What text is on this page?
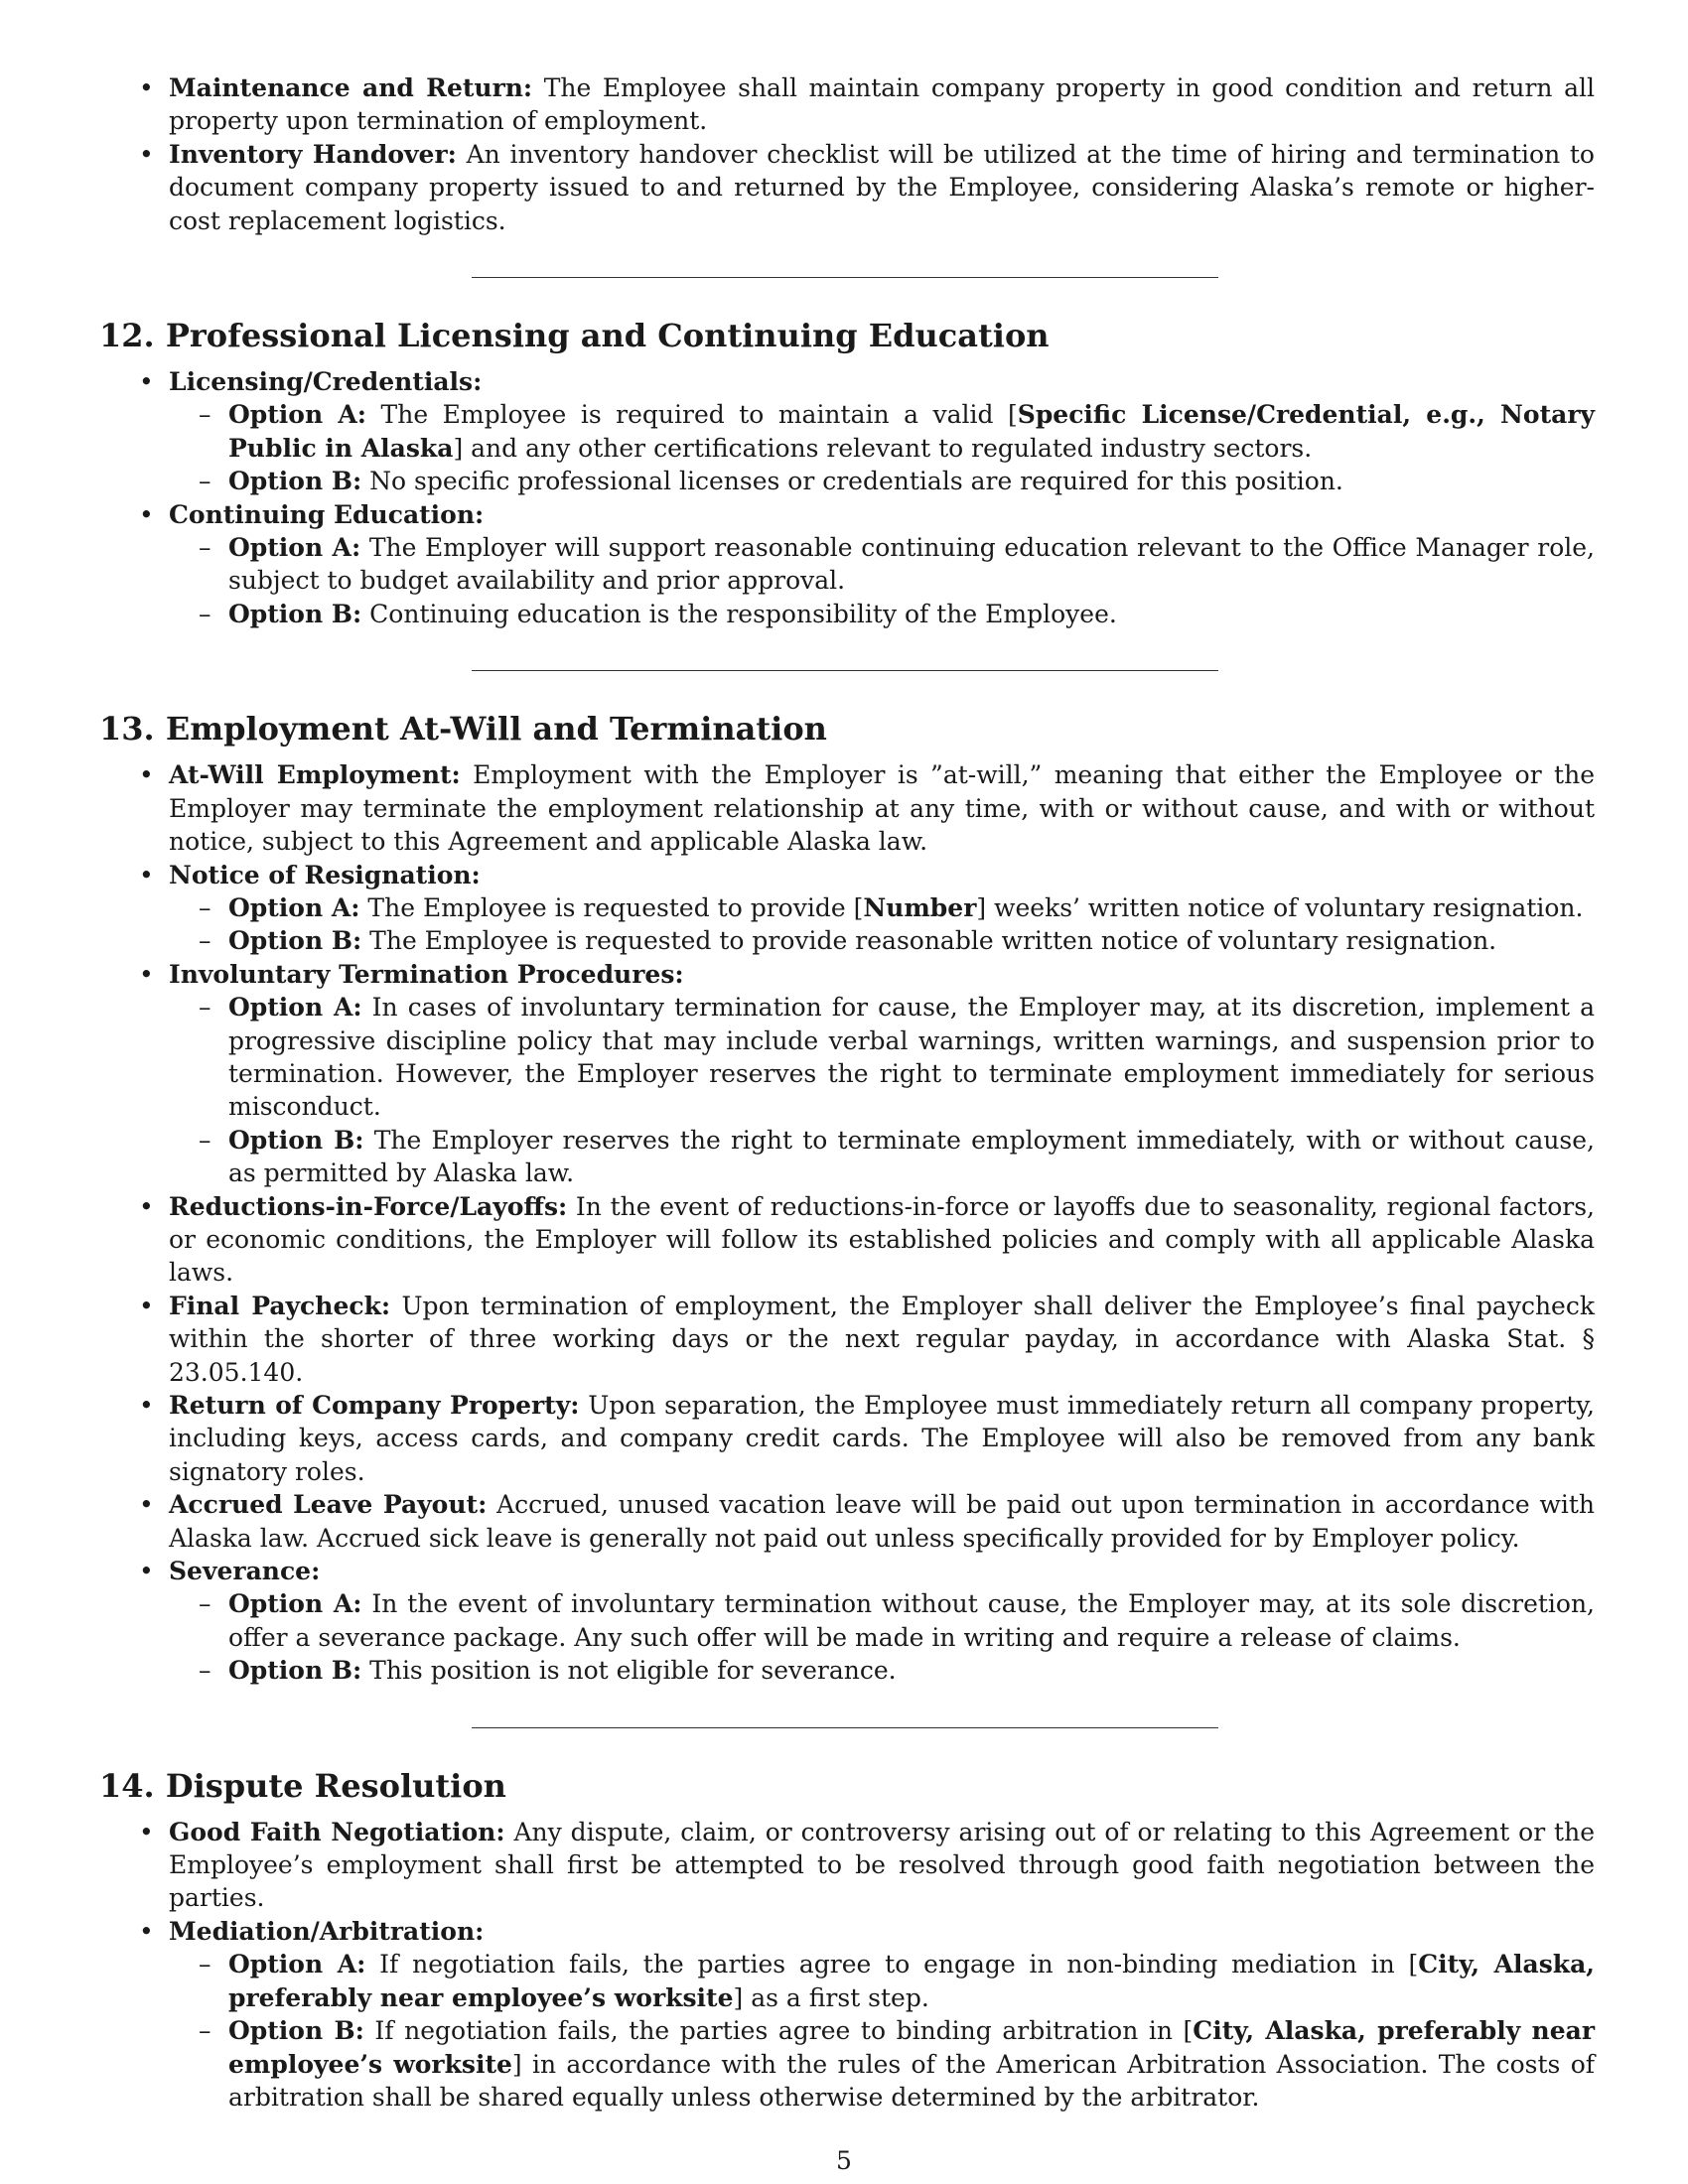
• Maintenance and Return: The Employee shall maintain company property in good condition and return all property upon termination of employment.
• Inventory Handover: An inventory handover checklist will be utilized at the time of hiring and termination to document company property issued to and returned by the Employee, considering Alaska’s remote or higher-cost replacement logistics.
12. Professional Licensing and Continuing Education
• Licensing/Credentials:
– Option A: The Employee is required to maintain a valid [Specific License/Credential, e.g., Notary Public in Alaska] and any other certifications relevant to regulated industry sectors.
– Option B: No specific professional licenses or credentials are required for this position.
• Continuing Education:
– Option A: The Employer will support reasonable continuing education relevant to the Office Manager role, subject to budget availability and prior approval.
– Option B: Continuing education is the responsibility of the Employee.
13. Employment At-Will and Termination
• At-Will Employment: Employment with the Employer is ”at-will,” meaning that either the Employee or the Employer may terminate the employment relationship at any time, with or without cause, and with or without notice, subject to this Agreement and applicable Alaska law.
• Notice of Resignation:
– Option A: The Employee is requested to provide [Number] weeks’ written notice of voluntary resignation.
– Option B: The Employee is requested to provide reasonable written notice of voluntary resignation.
• Involuntary Termination Procedures:
– Option A: In cases of involuntary termination for cause, the Employer may, at its discretion, implement a progressive discipline policy that may include verbal warnings, written warnings, and suspension prior to termination. However, the Employer reserves the right to terminate employment immediately for serious misconduct.
– Option B: The Employer reserves the right to terminate employment immediately, with or without cause, as permitted by Alaska law.
• Reductions-in-Force/Layoffs: In the event of reductions-in-force or layoffs due to seasonality, regional factors, or economic conditions, the Employer will follow its established policies and comply with all applicable Alaska laws.
• Final Paycheck: Upon termination of employment, the Employer shall deliver the Employee’s final paycheck within the shorter of three working days or the next regular payday, in accordance with Alaska Stat. § 23.05.140.
• Return of Company Property: Upon separation, the Employee must immediately return all company property, including keys, access cards, and company credit cards. The Employee will also be removed from any bank signatory roles.
• Accrued Leave Payout: Accrued, unused vacation leave will be paid out upon termination in accordance with Alaska law. Accrued sick leave is generally not paid out unless specifically provided for by Employer policy.
• Severance:
– Option A: In the event of involuntary termination without cause, the Employer may, at its sole discretion, offer a severance package. Any such offer will be made in writing and require a release of claims.
– Option B: This position is not eligible for severance.
14. Dispute Resolution
• Good Faith Negotiation: Any dispute, claim, or controversy arising out of or relating to this Agreement or the Employee’s employment shall first be attempted to be resolved through good faith negotiation between the parties.
• Mediation/Arbitration:
– Option A: If negotiation fails, the parties agree to engage in non-binding mediation in [City, Alaska, preferably near employee’s worksite] as a first step.
– Option B: If negotiation fails, the parties agree to binding arbitration in [City, Alaska, preferably near employee’s worksite] in accordance with the rules of the American Arbitration Association. The costs of arbitration shall be shared equally unless otherwise determined by the arbitrator.
5
